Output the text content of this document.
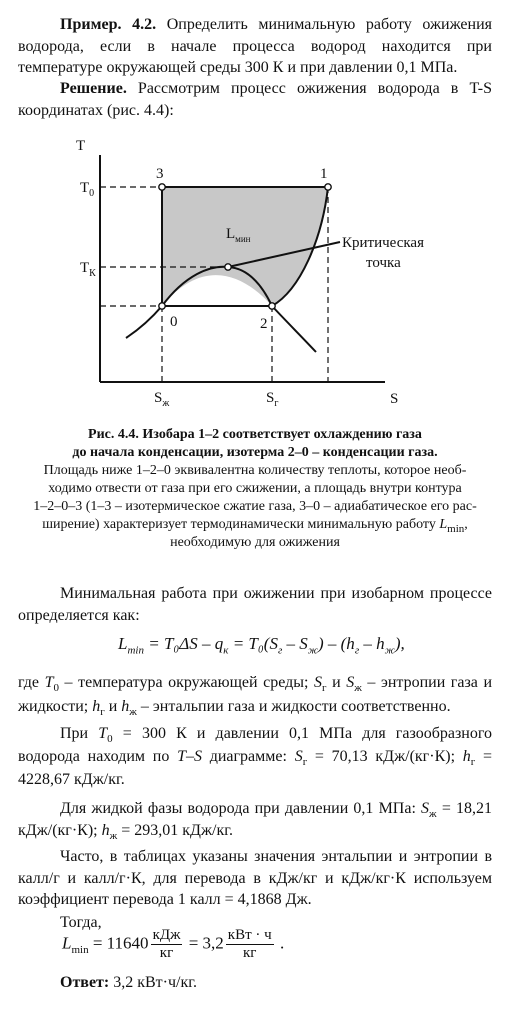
Пример. 4.2. Определить минимальную работу ожижения водорода, если в начале процесса водород находится при температуре окружающей среды 300 К и при давлении 0,1 МПа.
Решение. Рассмотрим процесс ожижения водорода в T-S координатах (рис. 4.4):
T
S
$T_0$
$T_К$
$S_ж$	$S_г$
3	1
0	2
$L_{мин}$	Критическая
точка
Рис. 4.4. Изобара 1–2 соответствует охлаждению газа
до начала конденсации, изотерма 2–0 – конденсации газа.
Площадь ниже 1–2–0 эквивалентна количеству теплоты, которое необ-
ходимо отвести от газа при его сжижении, а площадь внутри контура
1–2–0–3 (1–3 – изотермическое сжатие газа, 3–0 – адиабатическое его рас-
ширение) характеризует термодинамически минимальную работу $L_{min}$,
необходимую для ожижения
Минимальная работа при ожижении при изобарном процессе определяется как:
$L_{min} = T_0\Delta S - q_к = T_0(S_г - S_ж) - (h_г - h_ж)$,
где $T_0$ – температура окружающей среды; $S_г$ и $S_ж$ – энтропии газа и жидкости; $h_г$ и $h_ж$ – энтальпии газа и жидкости соответственно.
При $T_0 = 300$ К и давлении 0,1 МПа для газообразного водорода находим по T–S диаграмме: $S_г = 70,13$ кДж/(кг·К); $h_г = 4228,67$ кДж/кг.
Для жидкой фазы водорода при давлении 0,1 МПа: $S_ж = 18,21$ кДж/(кг·К); $h_ж = 293,01$ кДж/кг.
Часто, в таблицах указаны значения энтальпии и энтропии в калл/г и калл/г·К, для перевода в кДж/кг и кДж/кг·К используем коэффициент перевода 1 калл = 4,1868 Дж.
Тогда,
$L_{min} = 11640 \frac{\text{кДж}}{кг} = 3,2 \frac{\text{кВт · ч}}{кг}$ .
Ответ: 3,2 кВт·ч/кг.
